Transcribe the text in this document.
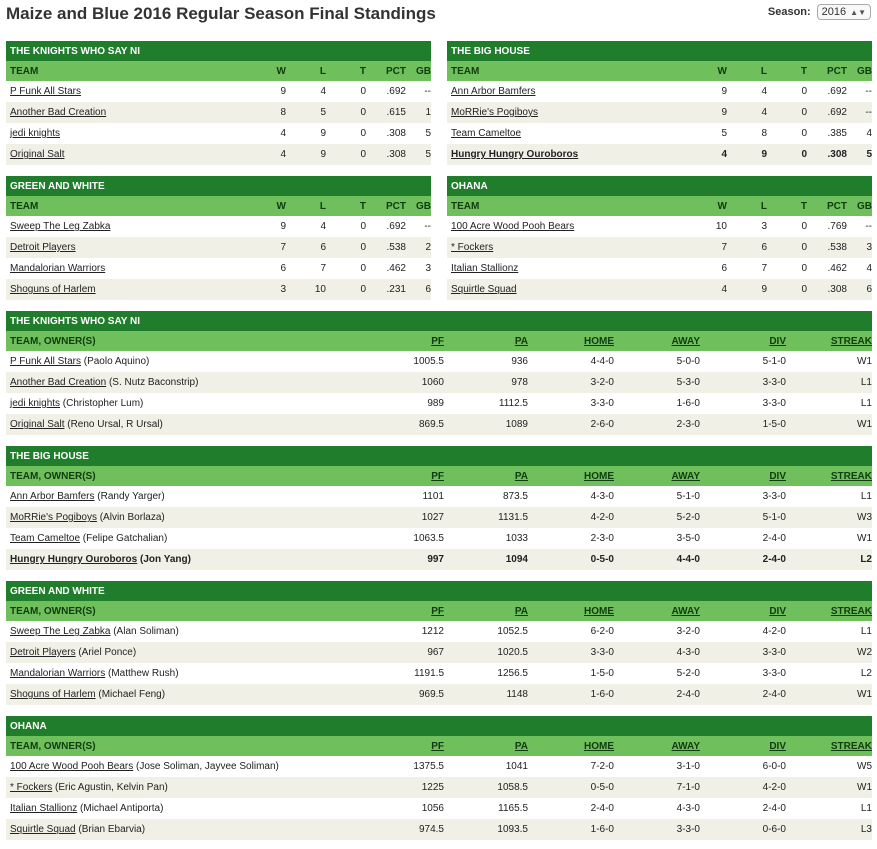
Maize and Blue 2016 Regular Season Final Standings	Season: 2016 ▲▼
THE KNIGHTS WHO SAY NI
TEAM	W	L	T	PCT	GB
P Funk All Stars	9	4	0	.692	--
Another Bad Creation	8	5	0	.615	1
jedi knights	4	9	0	.308	5
Original Salt	4	9	0	.308	5
THE BIG HOUSE
TEAM	W	L	T	PCT	GB
Ann Arbor Bamfers	9	4	0	.692	--
MoRRie's Pogiboys	9	4	0	.692	--
Team Cameltoe	5	8	0	.385	4
Hungry Hungry Ouroboros	4	9	0	.308	5
GREEN AND WHITE
TEAM	W	L	T	PCT	GB
Sweep The Leg Zabka	9	4	0	.692	--
Detroit Players	7	6	0	.538	2
Mandalorian Warriors	6	7	0	.462	3
Shoguns of Harlem	3	10	0	.231	6
OHANA
TEAM	W	L	T	PCT	GB
100 Acre Wood Pooh Bears	10	3	0	.769	--
* Fockers	7	6	0	.538	3
Italian Stallionz	6	7	0	.462	4
Squirtle Squad	4	9	0	.308	6
THE KNIGHTS WHO SAY NI
TEAM, OWNER(S)	PF	PA	HOME	AWAY	DIV	STREAK
P Funk All Stars (Paolo Aquino)	1005.5	936	4-4-0	5-0-0	5-1-0	W1
Another Bad Creation (S. Nutz Baconstrip)	1060	978	3-2-0	5-3-0	3-3-0	L1
jedi knights (Christopher Lum)	989	1112.5	3-3-0	1-6-0	3-3-0	L1
Original Salt (Reno Ursal, R Ursal)	869.5	1089	2-6-0	2-3-0	1-5-0	W1
THE BIG HOUSE
TEAM, OWNER(S)	PF	PA	HOME	AWAY	DIV	STREAK
Ann Arbor Bamfers (Randy Yarger)	1101	873.5	4-3-0	5-1-0	3-3-0	L1
MoRRie's Pogiboys (Alvin Borlaza)	1027	1131.5	4-2-0	5-2-0	5-1-0	W3
Team Cameltoe (Felipe Gatchalian)	1063.5	1033	2-3-0	3-5-0	2-4-0	W1
Hungry Hungry Ouroboros (Jon Yang)	997	1094	0-5-0	4-4-0	2-4-0	L2
GREEN AND WHITE
TEAM, OWNER(S)	PF	PA	HOME	AWAY	DIV	STREAK
Sweep The Leg Zabka (Alan Soliman)	1212	1052.5	6-2-0	3-2-0	4-2-0	L1
Detroit Players (Ariel Ponce)	967	1020.5	3-3-0	4-3-0	3-3-0	W2
Mandalorian Warriors (Matthew Rush)	1191.5	1256.5	1-5-0	5-2-0	3-3-0	L2
Shoguns of Harlem (Michael Feng)	969.5	1148	1-6-0	2-4-0	2-4-0	W1
OHANA
TEAM, OWNER(S)	PF	PA	HOME	AWAY	DIV	STREAK
100 Acre Wood Pooh Bears (Jose Soliman, Jayvee Soliman)	1375.5	1041	7-2-0	3-1-0	6-0-0	W5
* Fockers (Eric Agustin, Kelvin Pan)	1225	1058.5	0-5-0	7-1-0	4-2-0	W1
Italian Stallionz (Michael Antiporta)	1056	1165.5	2-4-0	4-3-0	2-4-0	L1
Squirtle Squad (Brian Ebarvia)	974.5	1093.5	1-6-0	3-3-0	0-6-0	L3
